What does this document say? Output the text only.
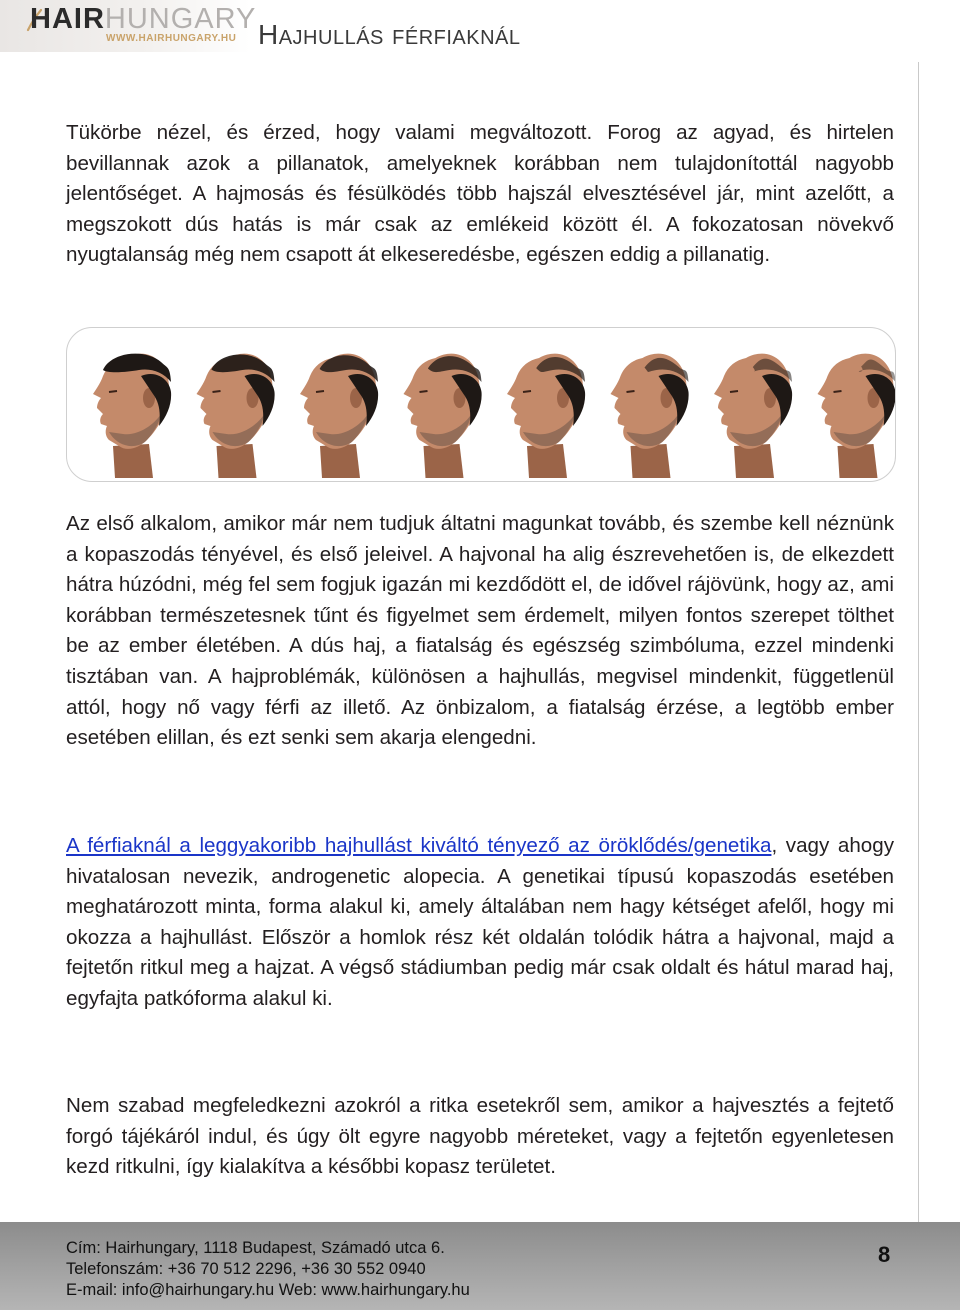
HAIRHUNGARY
WWW.HAIRHUNGARY.HU Hajhullás férfiaknál

Tükörbe nézel, és érzed, hogy valami megváltozott. Forog az agyad, és hirtelen bevillannak azok a pillanatok, amelyeknek korábban nem tulajdonítottál nagyobb jelentőséget. A hajmosás és fésülködés több hajszál elvesztésével jár, mint azelőtt, a megszokott dús hatás is már csak az emlékeid között él. A fokozatosan növekvő nyugtalanság még nem csapott át elkeseredésbe, egészen eddig a pillanatig.

Az első alkalom, amikor már nem tudjuk áltatni magunkat tovább, és szembe kell néznünk a kopaszodás tényével, és első jeleivel. A hajvonal ha alig észrevehetően is, de elkezdett hátra húzódni, még fel sem fogjuk igazán mi kezdődött el, de idővel rájövünk, hogy az, ami korábban természetesnek tűnt és figyelmet sem érdemelt, milyen fontos szerepet tölthet be az ember életében. A dús haj, a fiatalság és egészség szimbóluma, ezzel mindenki tisztában van. A hajproblémák, különösen a hajhullás, megvisel mindenkit, függetlenül attól, hogy nő vagy férfi az illető. Az önbizalom, a fiatalság érzése, a legtöbb ember esetében elillan, és ezt senki sem akarja elengedni.

A férfiaknál a leggyakoribb hajhullást kiváltó tényező az öröklődés/genetika, vagy ahogy hivatalosan nevezik, androgenetic alopecia. A genetikai típusú kopaszodás esetében meghatározott minta, forma alakul ki, amely általában nem hagy kétséget afelől, hogy mi okozza a hajhullást. Először a homlok rész két oldalán tolódik hátra a hajvonal, majd a fejtetőn ritkul meg a hajzat. A végső stádiumban pedig már csak oldalt és hátul marad haj, egyfajta patkóforma alakul ki.

Nem szabad megfeledkezni azokról a ritka esetekről sem, amikor a hajvesztés a fejtető forgó tájékáról indul, és úgy ölt egyre nagyobb méreteket, vagy a fejtetőn egyenletesen kezd ritkulni, így kialakítva a későbbi kopasz területet.

Cím: Hairhungary, 1118 Budapest, Számadó utca 6.
Telefonszám: +36 70 512 2296, +36 30 552 0940
E-mail: info@hairhungary.hu Web: www.hairhungary.hu
8
